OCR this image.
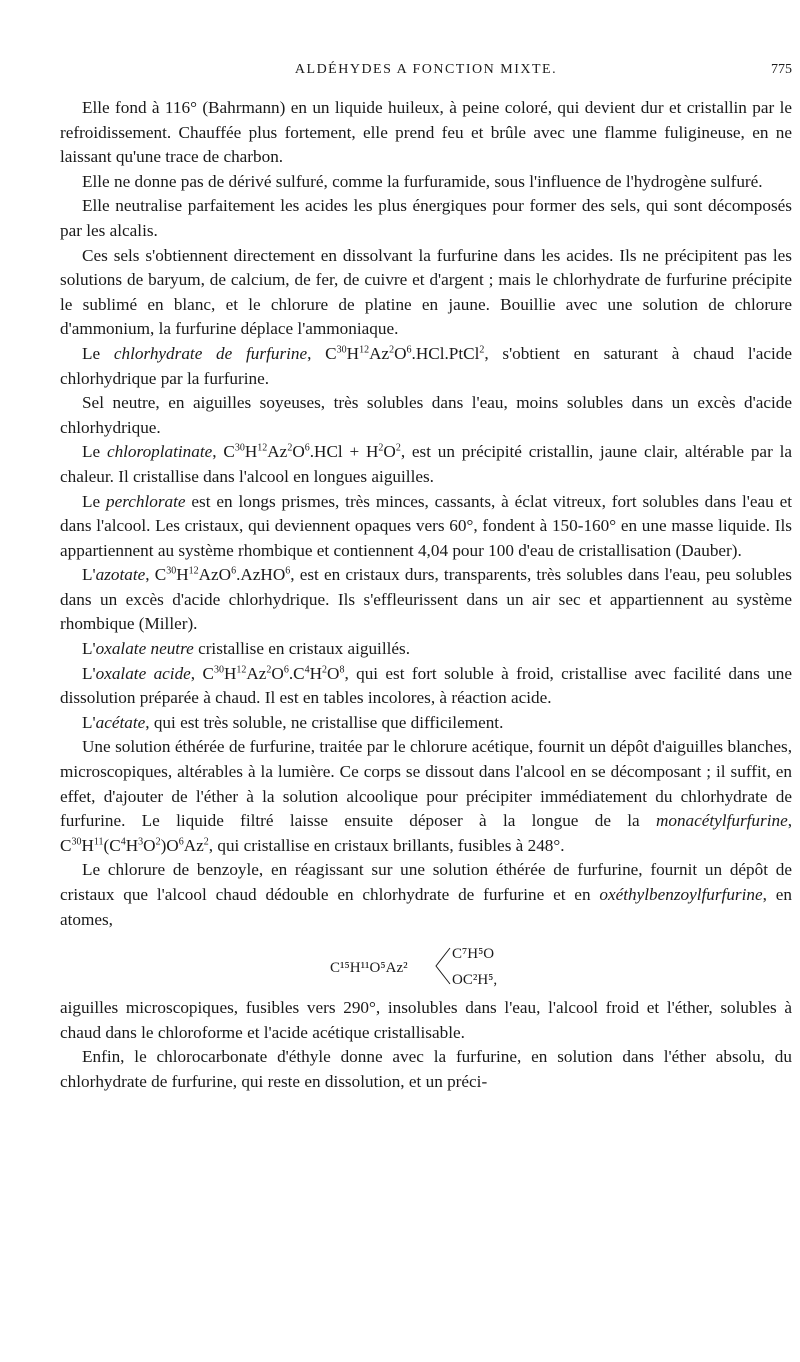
ALDÉHYDES A FONCTION MIXTE.	775

Elle fond à 116° (Bahrmann) en un liquide huileux, à peine coloré, qui devient dur et cristallin par le refroidissement. Chauffée plus fortement, elle prend feu et brûle avec une flamme fuligineuse, en ne laissant qu'une trace de charbon.

Elle ne donne pas de dérivé sulfuré, comme la furfuramide, sous l'influence de l'hydrogène sulfuré.

Elle neutralise parfaitement les acides les plus énergiques pour former des sels, qui sont décomposés par les alcalis.

Ces sels s'obtiennent directement en dissolvant la furfurine dans les acides. Ils ne précipitent pas les solutions de baryum, de calcium, de fer, de cuivre et d'argent ; mais le chlorhydrate de furfurine précipite le sublimé en blanc, et le chlorure de platine en jaune. Bouillie avec une solution de chlorure d'ammonium, la furfurine déplace l'ammoniaque.

Le chlorhydrate de furfurine, $C^{30}H^{12}Az^2O^6.HCl.PtCl^2$, s'obtient en saturant à chaud l'acide chlorhydrique par la furfurine.

Sel neutre, en aiguilles soyeuses, très solubles dans l'eau, moins solubles dans un excès d'acide chlorhydrique.

Le chloroplatinate, $C^{30}H^{12}Az^2O^6.HCl + H^2O^2$, est un précipité cristallin, jaune clair, altérable par la chaleur. Il cristallise dans l'alcool en longues aiguilles.

Le perchlorate est en longs prismes, très minces, cassants, à éclat vitreux, fort solubles dans l'eau et dans l'alcool. Les cristaux, qui deviennent opaques vers 60°, fondent à 150-160° en une masse liquide. Ils appartiennent au système rhombique et contiennent 4,04 pour 100 d'eau de cristallisation (Dauber).

L'azotate, $C^{30}H^{12}AzO^6.AzHO^6$, est en cristaux durs, transparents, très solubles dans l'eau, peu solubles dans un excès d'acide chlorhydrique. Ils s'effleurissent dans un air sec et appartiennent au système rhombique (Miller).

L'oxalate neutre cristallise en cristaux aiguillés.

L'oxalate acide, $C^{30}H^{12}Az^2O^6.C^4H^2O^8$, qui est fort soluble à froid, cristallise avec facilité dans une dissolution préparée à chaud. Il est en tables incolores, à réaction acide.

L'acétate, qui est très soluble, ne cristallise que difficilement.

Une solution éthérée de furfurine, traitée par le chlorure acétique, fournit un dépôt d'aiguilles blanches, microscopiques, altérables à la lumière. Ce corps se dissout dans l'alcool en se décomposant ; il suffit, en effet, d'ajouter de l'éther à la solution alcoolique pour précipiter immédiatement du chlorhydrate de furfurine. Le liquide filtré laisse ensuite déposer à la longue de la monacétylfurfurine, $C^{30}H^{11}(C^4H^3O^2)O^6Az^2$, qui cristallise en cristaux brillants, fusibles à 248°.

Le chlorure de benzoyle, en réagissant sur une solution éthérée de furfurine, fournit un dépôt de cristaux que l'alcool chaud dédouble en chlorhydrate de furfurine et en oxéthylbenzoylfurfurine, en atomes,

C¹⁵H¹¹O⁵Az²
C⁷H⁵O
OC²H⁵,

aiguilles microscopiques, fusibles vers 290°, insolubles dans l'eau, l'alcool froid et l'éther, solubles à chaud dans le chloroforme et l'acide acétique cristallisable.

Enfin, le chlorocarbonate d'éthyle donne avec la furfurine, en solution dans l'éther absolu, du chlorhydrate de furfurine, qui reste en dissolution, et un préci-
